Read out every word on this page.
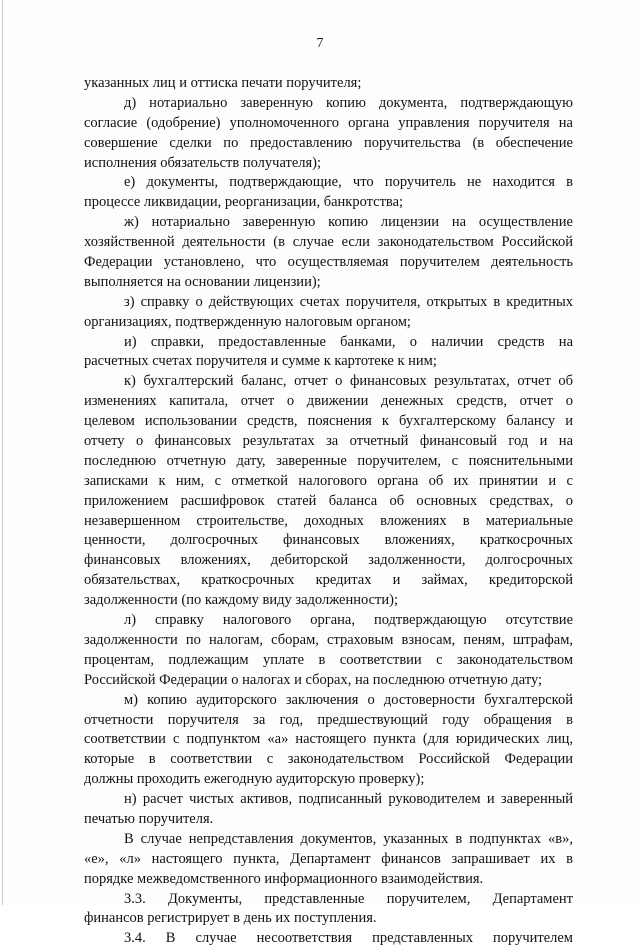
7
указанных лиц и оттиска печати поручителя;
д) нотариально заверенную копию документа, подтверждающую
согласие (одобрение) уполномоченного органа управления поручителя на
совершение сделки по предоставлению поручительства (в обеспечение
исполнения обязательств получателя);
е) документы, подтверждающие, что поручитель не находится в
процессе ликвидации, реорганизации, банкротства;
ж) нотариально заверенную копию лицензии на осуществление
хозяйственной деятельности (в случае если законодательством Российской
Федерации установлено, что осуществляемая поручителем деятельность
выполняется на основании лицензии);
з) справку о действующих счетах поручителя, открытых в кредитных
организациях, подтвержденную налоговым органом;
и) справки, предоставленные банками, о наличии средств на
расчетных счетах поручителя и сумме к картотеке к ним;
к) бухгалтерский баланс, отчет о финансовых результатах, отчет об
изменениях капитала, отчет о движении денежных средств, отчет о
целевом использовании средств, пояснения к бухгалтерскому балансу и
отчету о финансовых результатах за отчетный финансовый год и на
последнюю отчетную дату, заверенные поручителем, с пояснительными
записками к ним, с отметкой налогового органа об их принятии и с
приложением расшифровок статей баланса об основных средствах, о
незавершенном строительстве, доходных вложениях в материальные
ценности, долгосрочных финансовых вложениях, краткосрочных
финансовых вложениях, дебиторской задолженности, долгосрочных
обязательствах, краткосрочных кредитах и займах, кредиторской
задолженности (по каждому виду задолженности);
л) справку налогового органа, подтверждающую отсутствие
задолженности по налогам, сборам, страховым взносам, пеням, штрафам,
процентам, подлежащим уплате в соответствии с законодательством
Российской Федерации о налогах и сборах, на последнюю отчетную дату;
м) копию аудиторского заключения о достоверности бухгалтерской
отчетности поручителя за год, предшествующий году обращения в
соответствии с подпунктом «а» настоящего пункта (для юридических лиц,
которые в соответствии с законодательством Российской Федерации
должны проходить ежегодную аудиторскую проверку);
н) расчет чистых активов, подписанный руководителем и заверенный
печатью поручителя.
В случае непредставления документов, указанных в подпунктах «в»,
«е», «л» настоящего пункта, Департамент финансов запрашивает их в
порядке межведомственного информационного взаимодействия.
3.3. Документы, представленные поручителем, Департамент
финансов регистрирует в день их поступления.
3.4. В случае несоответствия представленных поручителем
